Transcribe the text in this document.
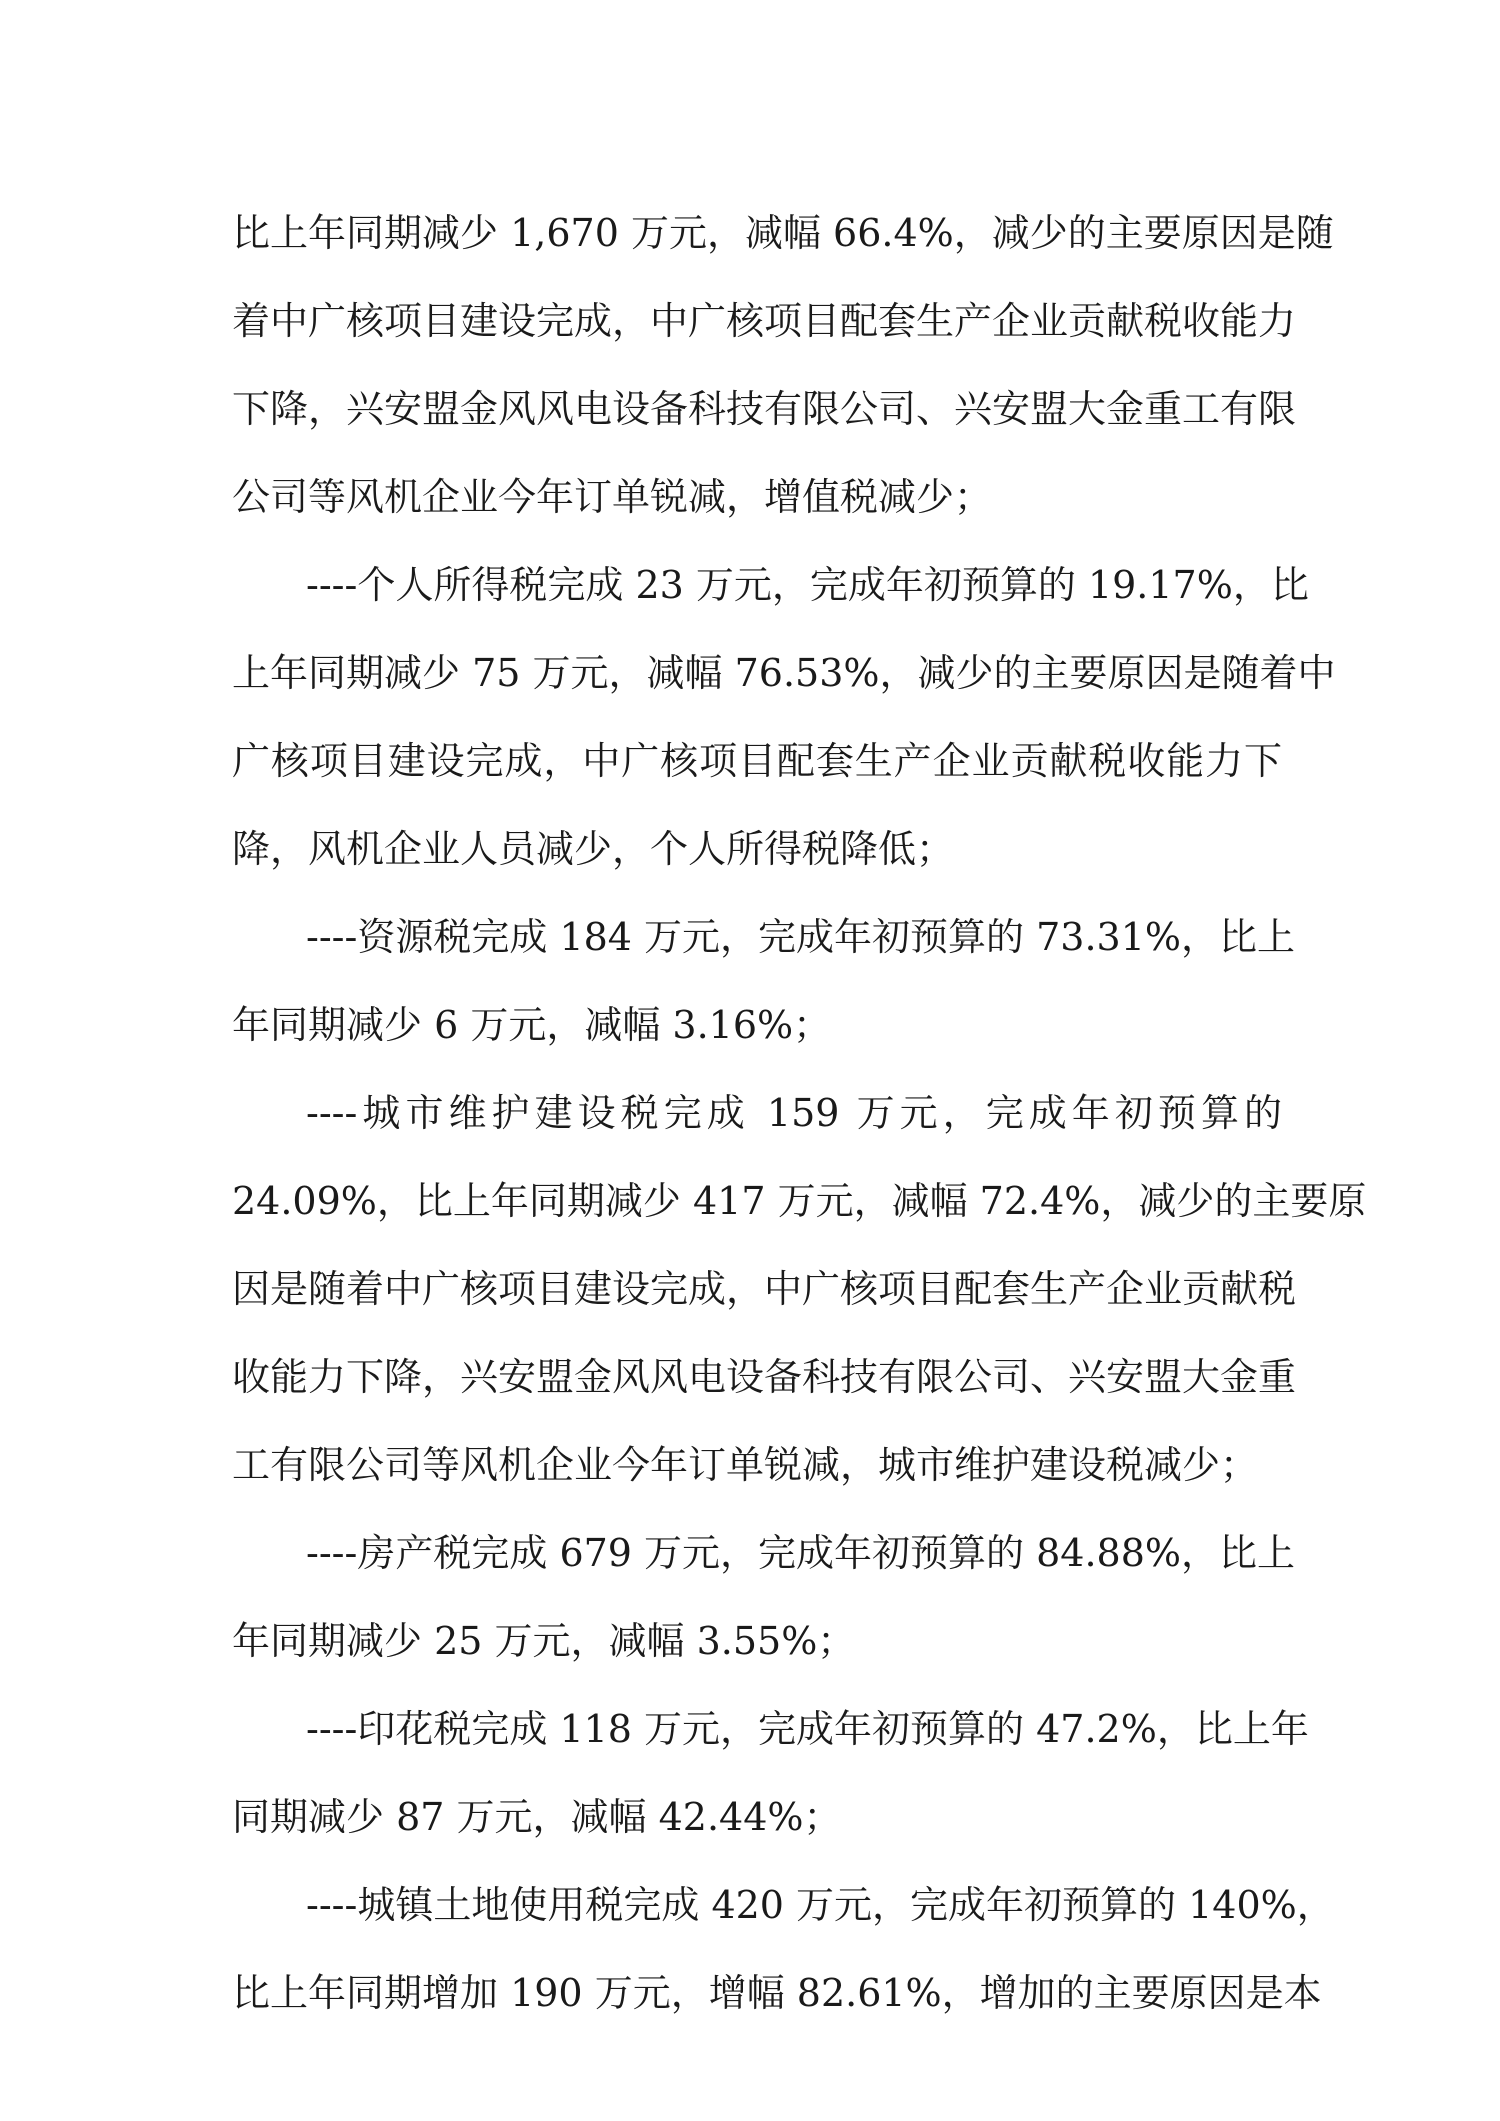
比上年同期减少 1,670 万元，减幅 66.4%，减少的主要原因是随

着中广核项目建设完成，中广核项目配套生产企业贡献税收能力

下降，兴安盟金风风电设备科技有限公司、兴安盟大金重工有限

公司等风机企业今年订单锐减，增值税减少；

----个人所得税完成 23 万元，完成年初预算的 19.17%，比

上年同期减少 75 万元，减幅 76.53%，减少的主要原因是随着中

广核项目建设完成，中广核项目配套生产企业贡献税收能力下

降，风机企业人员减少，个人所得税降低；

----资源税完成 184 万元，完成年初预算的 73.31%，比上

年同期减少 6 万元，减幅 3.16%；

----城市维护建设税完成 159 万元，完成年初预算的

24.09%，比上年同期减少 417 万元，减幅 72.4%，减少的主要原

因是随着中广核项目建设完成，中广核项目配套生产企业贡献税

收能力下降，兴安盟金风风电设备科技有限公司、兴安盟大金重

工有限公司等风机企业今年订单锐减，城市维护建设税减少；

----房产税完成 679 万元，完成年初预算的 84.88%，比上

年同期减少 25 万元，减幅 3.55%；

----印花税完成 118 万元，完成年初预算的 47.2%，比上年

同期减少 87 万元，减幅 42.44%；

----城镇土地使用税完成 420 万元，完成年初预算的 140%，

比上年同期增加 190 万元，增幅 82.61%，增加的主要原因是本
